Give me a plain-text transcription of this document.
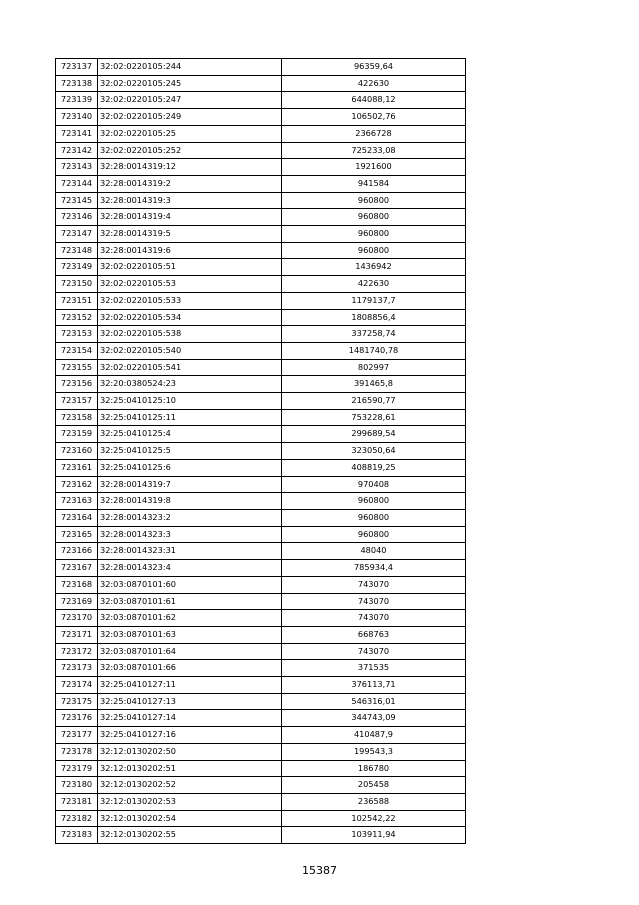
723137	32:02:0220105:244	96359,64
723138	32:02:0220105:245	422630
723139	32:02:0220105:247	644088,12
723140	32:02:0220105:249	106502,76
723141	32:02:0220105:25	2366728
723142	32:02:0220105:252	725233,08
723143	32:28:0014319:12	1921600
723144	32:28:0014319:2	941584
723145	32:28:0014319:3	960800
723146	32:28:0014319:4	960800
723147	32:28:0014319:5	960800
723148	32:28:0014319:6	960800
723149	32:02:0220105:51	1436942
723150	32:02:0220105:53	422630
723151	32:02:0220105:533	1179137,7
723152	32:02:0220105:534	1808856,4
723153	32:02:0220105:538	337258,74
723154	32:02:0220105:540	1481740,78
723155	32:02:0220105:541	802997
723156	32:20:0380524:23	391465,8
723157	32:25:0410125:10	216590,77
723158	32:25:0410125:11	753228,61
723159	32:25:0410125:4	299689,54
723160	32:25:0410125:5	323050,64
723161	32:25:0410125:6	408819,25
723162	32:28:0014319:7	970408
723163	32:28:0014319:8	960800
723164	32:28:0014323:2	960800
723165	32:28:0014323:3	960800
723166	32:28:0014323:31	48040
723167	32:28:0014323:4	785934,4
723168	32:03:0870101:60	743070
723169	32:03:0870101:61	743070
723170	32:03:0870101:62	743070
723171	32:03:0870101:63	668763
723172	32:03:0870101:64	743070
723173	32:03:0870101:66	371535
723174	32:25:0410127:11	376113,71
723175	32:25:0410127:13	546316,01
723176	32:25:0410127:14	344743,09
723177	32:25:0410127:16	410487,9
723178	32:12:0130202:50	199543,3
723179	32:12:0130202:51	186780
723180	32:12:0130202:52	205458
723181	32:12:0130202:53	236588
723182	32:12:0130202:54	102542,22
723183	32:12:0130202:55	103911,94
15387
